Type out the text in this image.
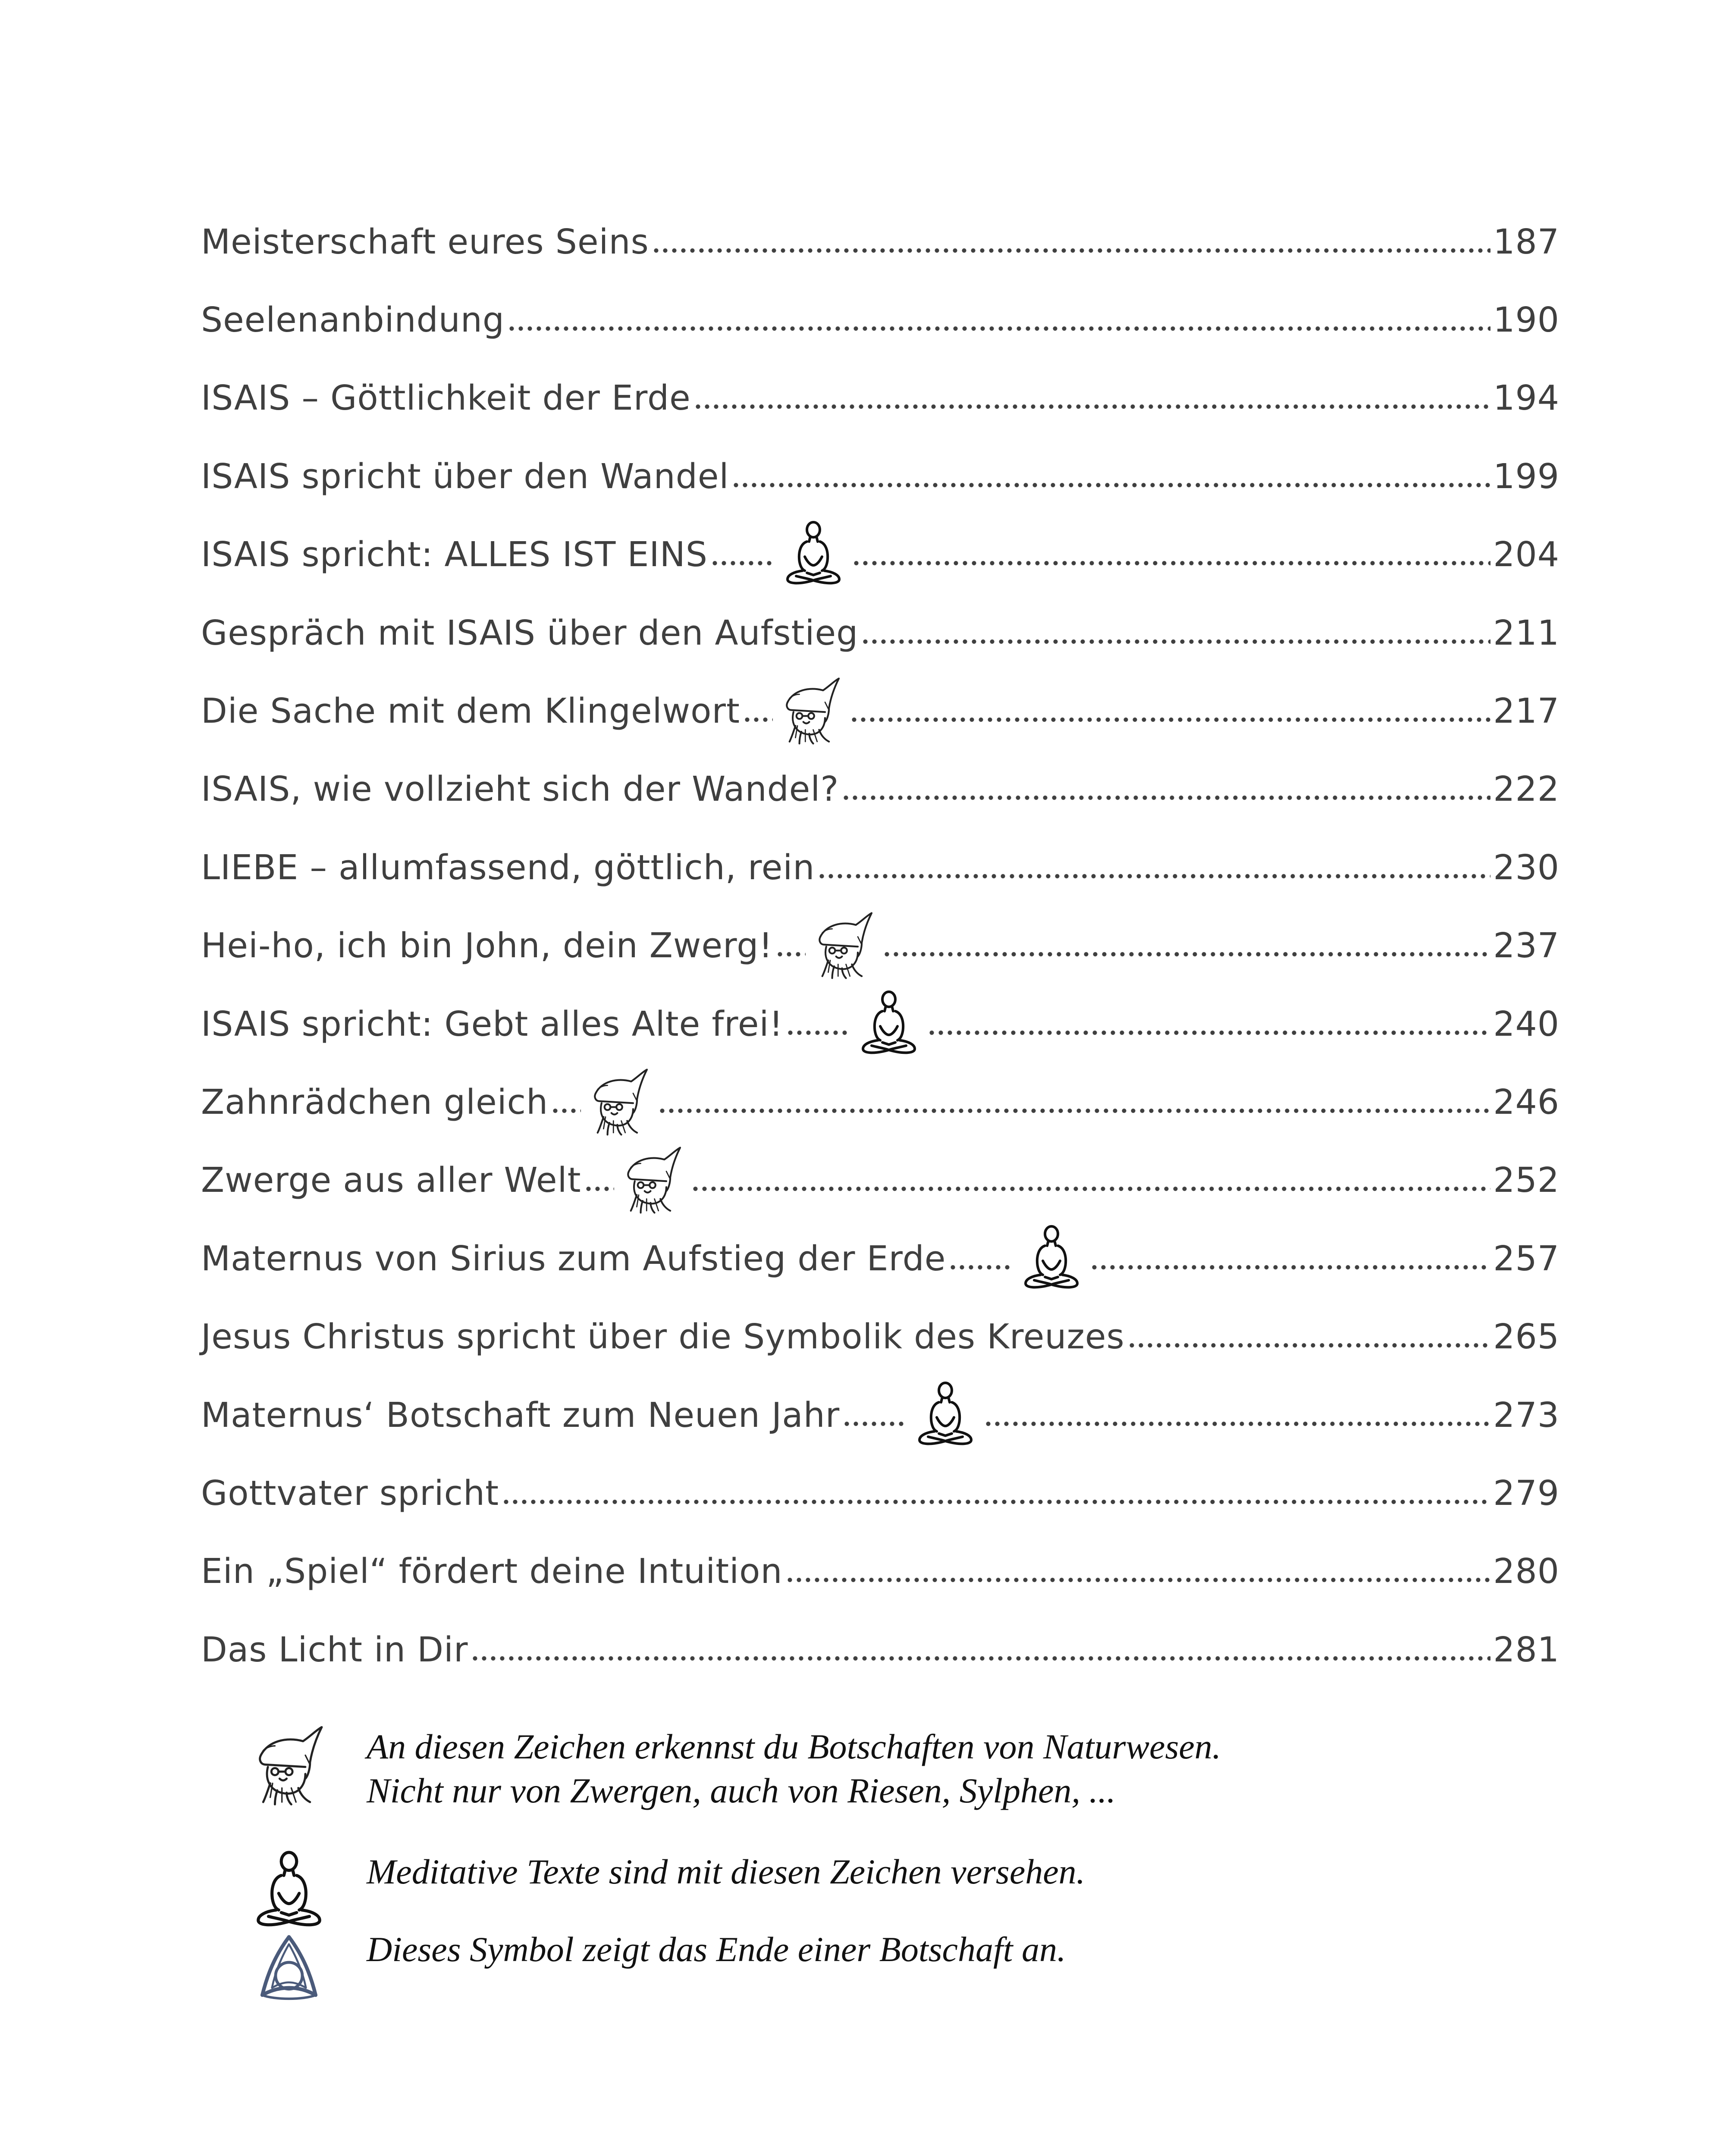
Meisterschaft eures Seins	187
Seelenanbindung	190
ISAIS – Göttlichkeit der Erde	194
ISAIS spricht über den Wandel	199
ISAIS spricht: ALLES IST EINS	204
Gespräch mit ISAIS über den Aufstieg	211
Die Sache mit dem Klingelwort	217
ISAIS, wie vollzieht sich der Wandel?	222
LIEBE – allumfassend, göttlich, rein	230
Hei-ho, ich bin John, dein Zwerg!	237
ISAIS spricht: Gebt alles Alte frei!	240
Zahnrädchen gleich	246
Zwerge aus aller Welt	252
Maternus von Sirius zum Aufstieg der Erde	257
Jesus Christus spricht über die Symbolik des Kreuzes	265
Maternus‘ Botschaft zum Neuen Jahr	273
Gottvater spricht	279
Ein „Spiel“ fördert deine Intuition	280
Das Licht in Dir	281
An diesen Zeichen erkennst du Botschaften von Naturwesen.
Nicht nur von Zwergen, auch von Riesen, Sylphen, ...
Meditative Texte sind mit diesen Zeichen versehen.
Dieses Symbol zeigt das Ende einer Botschaft an.
